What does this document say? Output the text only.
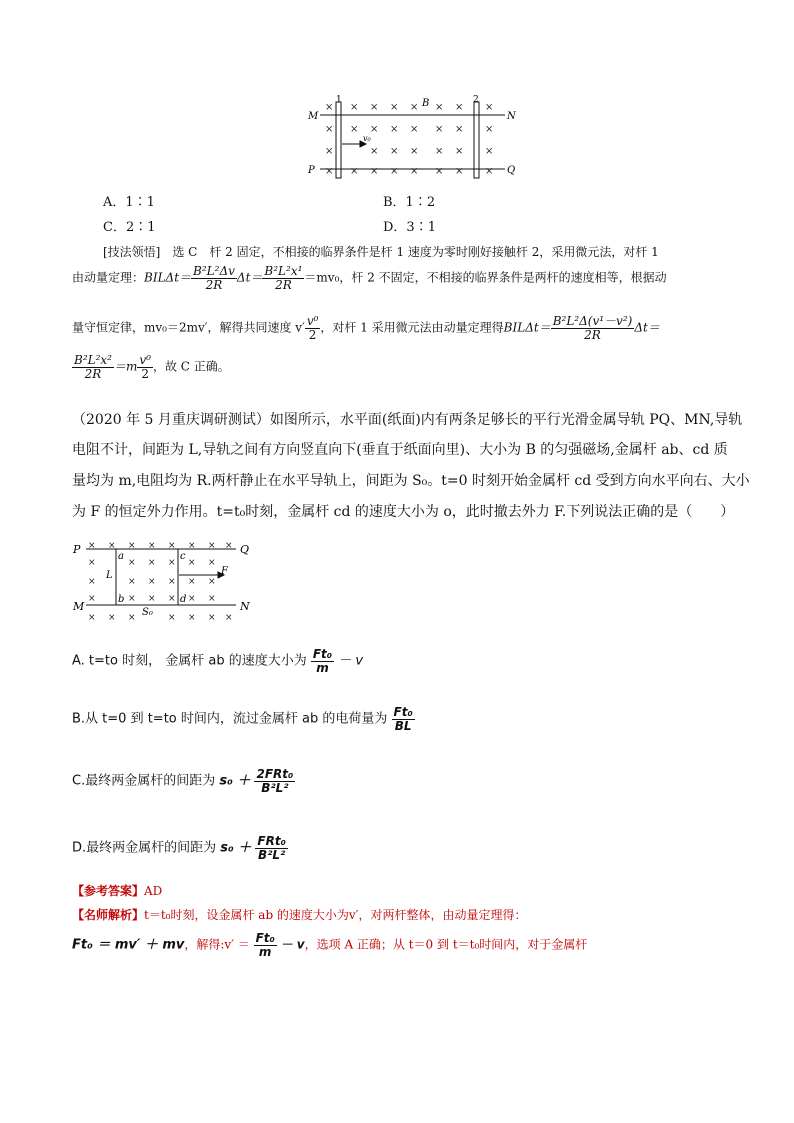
× × × × × × × ×
× × × × × × × ×
×	× × × × × ×
× × × × × × × ×
M	N
P	Q
B
1	2
v₀
A．1∶1	B．1∶2
C．2∶1	D．3∶1
[技法领悟]　选 C　杆 2 固定，不相接的临界条件是杆 1 速度为零时刚好接触杆 2，采用微元法，对杆 1
由动量定理：$BIL\Delta t= \frac{\text{B²L²Δv}}{2R} \Delta t= \frac{\text{B²L²x¹}}{2R} =mv_0$，杆 2 不固定，不相接的临界条件是两杆的速度相等，根据动
量守恒定律，mv₀＝2mv′，解得共同速度 $v' \frac{\text{v⁰}}{2}$ ，对杆 1 采用微元法由动量定理得$BIL\Delta t= \frac{\text{B²L²Δ(v¹－v²)}}{2R} \Delta t=$
$\frac{\text{B²L²x²}}{2R} =m \frac{\text{v⁰}}{2}$ ，故 C 正确。
（2020 年 5 月重庆调研测试）如图所示，水平面(纸面)内有两条足够长的平行光滑金属导轨 PQ、MN,导轨
电阻不计，间距为 L,导轨之间有方向竖直向下(垂直于纸面向里)、大小为 B 的匀强磁场,金属杆 ab、cd 质
量均为 m,电阻均为 R.两杆静止在水平导轨上，间距为 S₀。t=0 时刻开始金属杆 cd 受到方向水平向右、大小
为 F 的恒定外力作用。t=t₀时刻，金属杆 cd 的速度大小为 o，此时撤去外力 F.下列说法正确的是（　　）
× × × × × × × ×
×	× × × × ×
×	× × × × ×
×	× × × × ×
× × ×	× × × ×
P	Q
M	N
a
b
c
d
L	F
S₀
A. t=to 时刻， 金属杆 ab 的速度大小为 $\frac{\text{Ft₀}}{m} - v$
B.从 t=0 到 t=to 时间内，流过金属杆 ab 的电荷量为 $\frac{\text{Ft₀}}{BL}$
C.最终两金属杆的间距为 $s_0 + \frac{\text{2FRt₀}}{\text{B²L²}}$
D.最终两金属杆的间距为 $s_0 + \frac{\text{FRt₀}}{\text{B²L²}}$
【参考答案】AD
【名师解析】t＝t₀时刻，设金属杆 ab 的速度大小为v′，对两杆整体，由动量定理得：
Ft₀ ＝ mv′ ＋ mv，解得:v′ ＝ $\frac{\text{Ft₀}}{m} - v$，选项 A 正确；从 t＝0 到 t＝t₀时间内，对于金属杆
